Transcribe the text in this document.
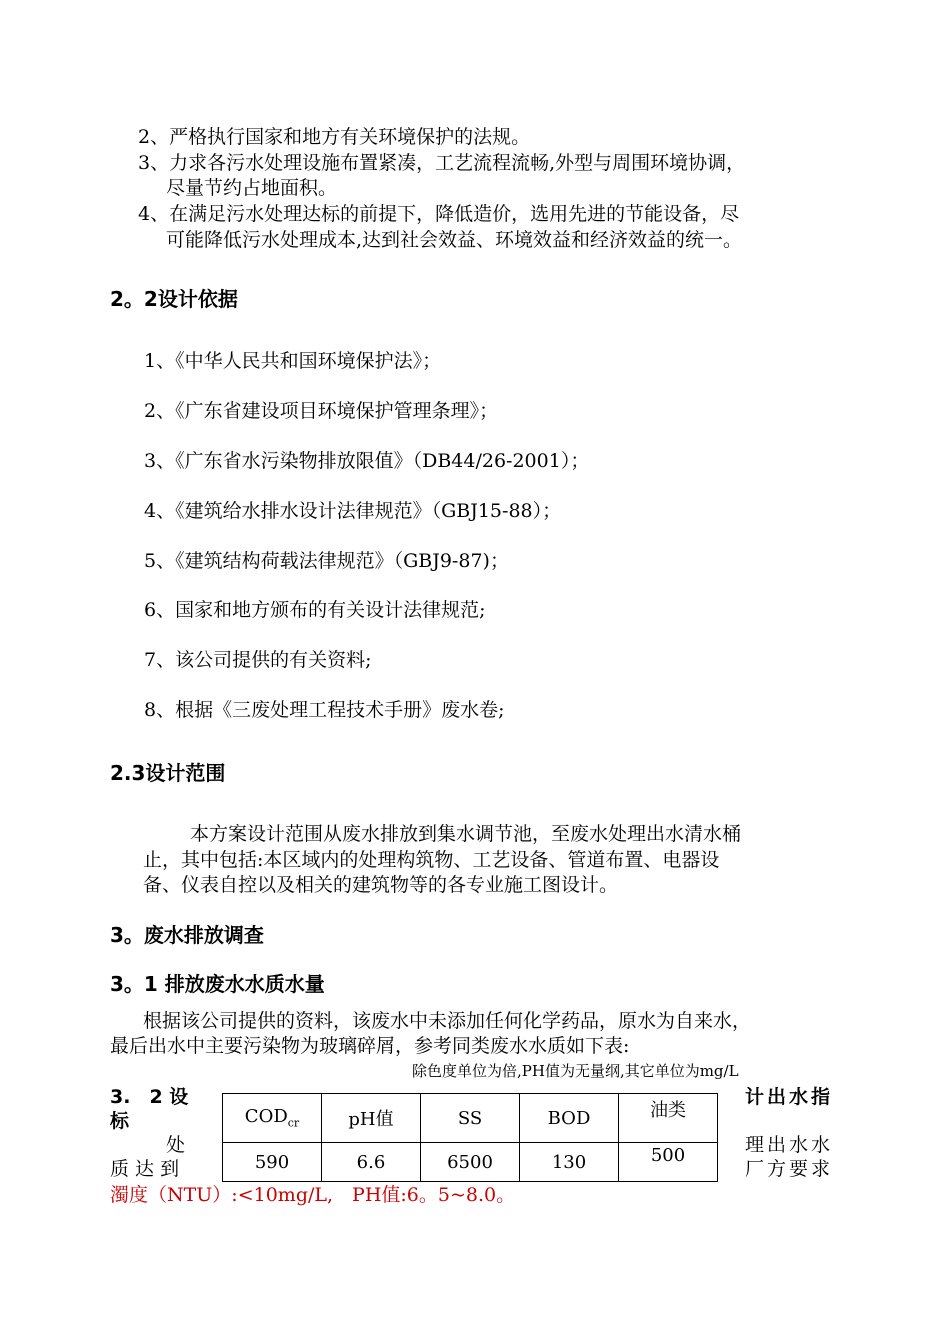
2、严格执行国家和地方有关环境保护的法规。
3、力求各污水处理设施布置紧凑，工艺流程流畅,外型与周围环境协调，
尽量节约占地面积。
4、在满足污水处理达标的前提下，降低造价，选用先进的节能设备，尽
可能降低污水处理成本,达到社会效益、环境效益和经济效益的统一。
2。2设计依据
1、《中华人民共和国环境保护法》；
2、《广东省建设项目环境保护管理条理》；
3、《广东省水污染物排放限值》（DB44/26-2001）；
4、《建筑给水排水设计法律规范》（GBJ15-88）；
5、《建筑结构荷载法律规范》（GBJ9-87)；
6、国家和地方颁布的有关设计法律规范;
7、该公司提供的有关资料;
8、根据《三废处理工程技术手册》废水卷;
2.3设计范围
本方案设计范围从废水排放到集水调节池，至废水处理出水清水桶
止，其中包括:本区域内的处理构筑物、工艺设备、管道布置、电器设
备、仪表自控以及相关的建筑物等的各专业施工图设计。
3。废水排放调查
3。1 排放废水水质水量
根据该公司提供的资料，该废水中未添加任何化学药品，原水为自来水，
最后出水中主要污染物为玻璃碎屑，参考同类废水水质如下表:
除色度单位为倍,PH值为无量纲,其它单位为mg/L
3.　2 设
标
处
质 达 到
$COD_{cr}$	pH值	SS	BOD	油类
590	6.6	6500	130	500
计出水指
理出水水
厂方要求
濁度（NTU）:<10mg/L,　PH值:6。5~8.0。
